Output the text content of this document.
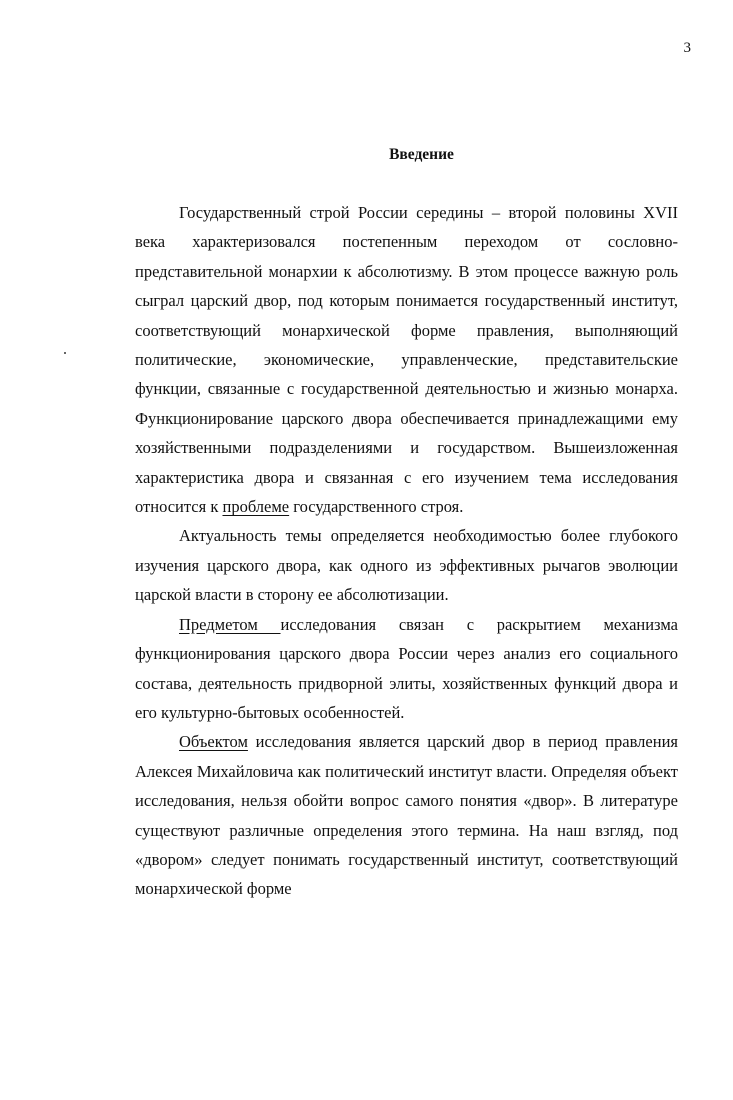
3
Введение

Государственный строй России середины – второй половины XVII века характеризовался постепенным переходом от сословно-представительной монархии к абсолютизму. В этом процессе важную роль сыграл царский двор, под которым понимается государственный институт, соответствующий монархической форме правления, выполняющий политические, экономические, управленческие, представительские функции, связанные с государственной деятельностью и жизнью монарха. Функционирование царского двора обеспечивается принадлежащими ему хозяйственными подразделениями и государством. Вышеизложенная характеристика двора и связанная с его изучением тема исследования относится к проблеме государственного строя.

Актуальность темы определяется необходимостью более глубокого изучения царского двора, как одного из эффективных рычагов эволюции царской власти в сторону ее абсолютизации.

Предметом исследования связан с раскрытием механизма функционирования царского двора России через анализ его социального состава, деятельность придворной элиты, хозяйственных функций двора и его культурно-бытовых особенностей.

Объектом исследования является царский двор в период правления Алексея Михайловича как политический институт власти. Определяя объект исследования, нельзя обойти вопрос самого понятия «двор». В литературе существуют различные определения этого термина. На наш взгляд, под «двором» следует понимать государственный институт, соответствующий монархической форме
